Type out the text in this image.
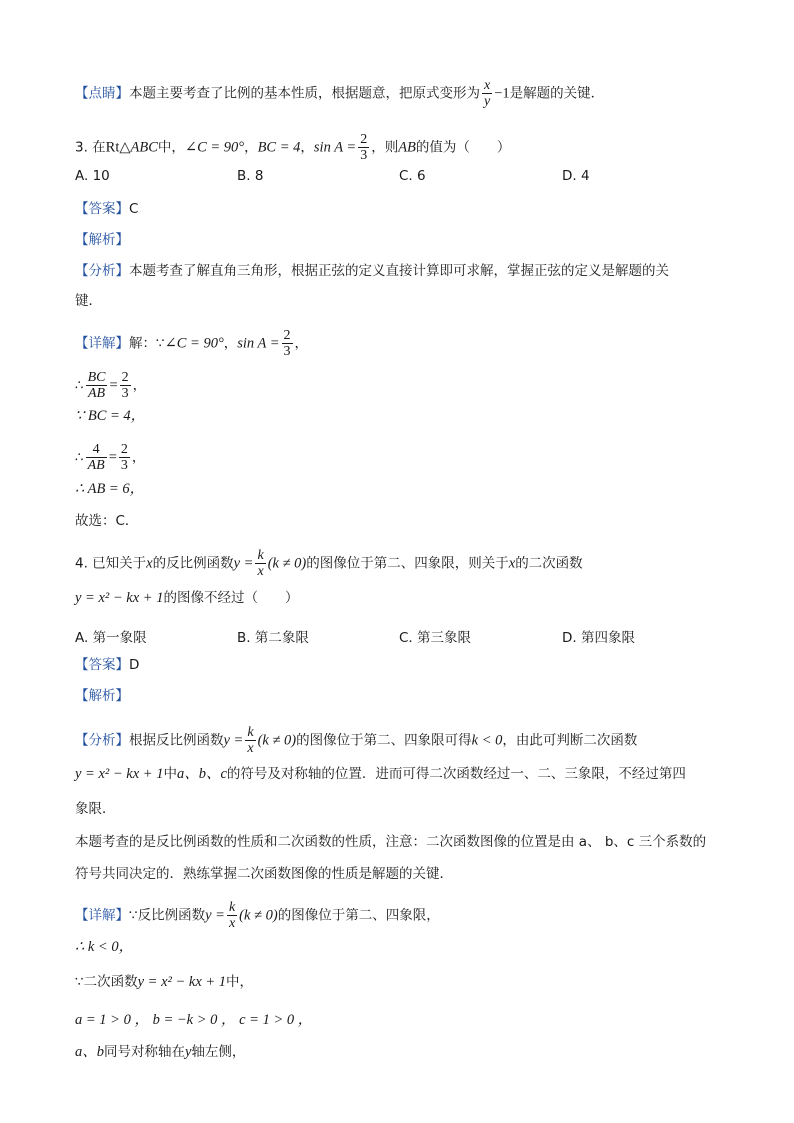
【点睛】本题主要考查了比例的基本性质，根据题意，把原式变形为 $\frac{x}{y} -1$是解题的关键．
3. 在Rt△ABC中，∠C = 90°，BC = 4，$\sin A = \frac{2}{3}$ ，则AB的值为（　　）
A. 10	B. 8	C. 6	D. 4
【答案】C
【解析】
【分析】本题考查了解直角三角形，根据正弦的定义直接计算即可求解，掌握正弦的定义是解题的关
键．
【详解】解：∵∠C = 90°，$\sin A = \frac{2}{3}$ ，
∴ $\frac{BC}{AB} = \frac{2}{3}$ ，
∵ BC = 4，
∴ $\frac{4}{AB} = \frac{2}{3}$ ，
∴ AB = 6，
故选：C．
4. 已知关于x的反比例函数$y = \frac{k}{x} (k \ne 0)$的图像位于第二、四象限，则关于x的二次函数
y = x² − kx + 1的图像不经过（　　）
A. 第一象限	B. 第二象限	C. 第三象限	D. 第四象限
【答案】D
【解析】
【分析】根据反比例函数$y = \frac{k}{x} (k \ne 0)$的图像位于第二、四象限可得k < 0，由此可判断二次函数
y = x² − kx + 1中a、b、c的符号及对称轴的位置．进而可得二次函数经过一、二、三象限，不经过第四
象限．
本题考查的是反比例函数的性质和二次函数的性质，注意：二次函数图像的位置是由 a、 b、c 三个系数的
符号共同决定的．熟练掌握二次函数图像的性质是解题的关键．
【详解】∵反比例函数$y = \frac{k}{x} (k \ne 0)$的图像位于第二、四象限，
∴ k < 0，
∵二次函数y = x² − kx + 1中，
a = 1 > 0 ， b = −k > 0 ， c = 1 > 0 ，
a、b同号对称轴在y轴左侧，
